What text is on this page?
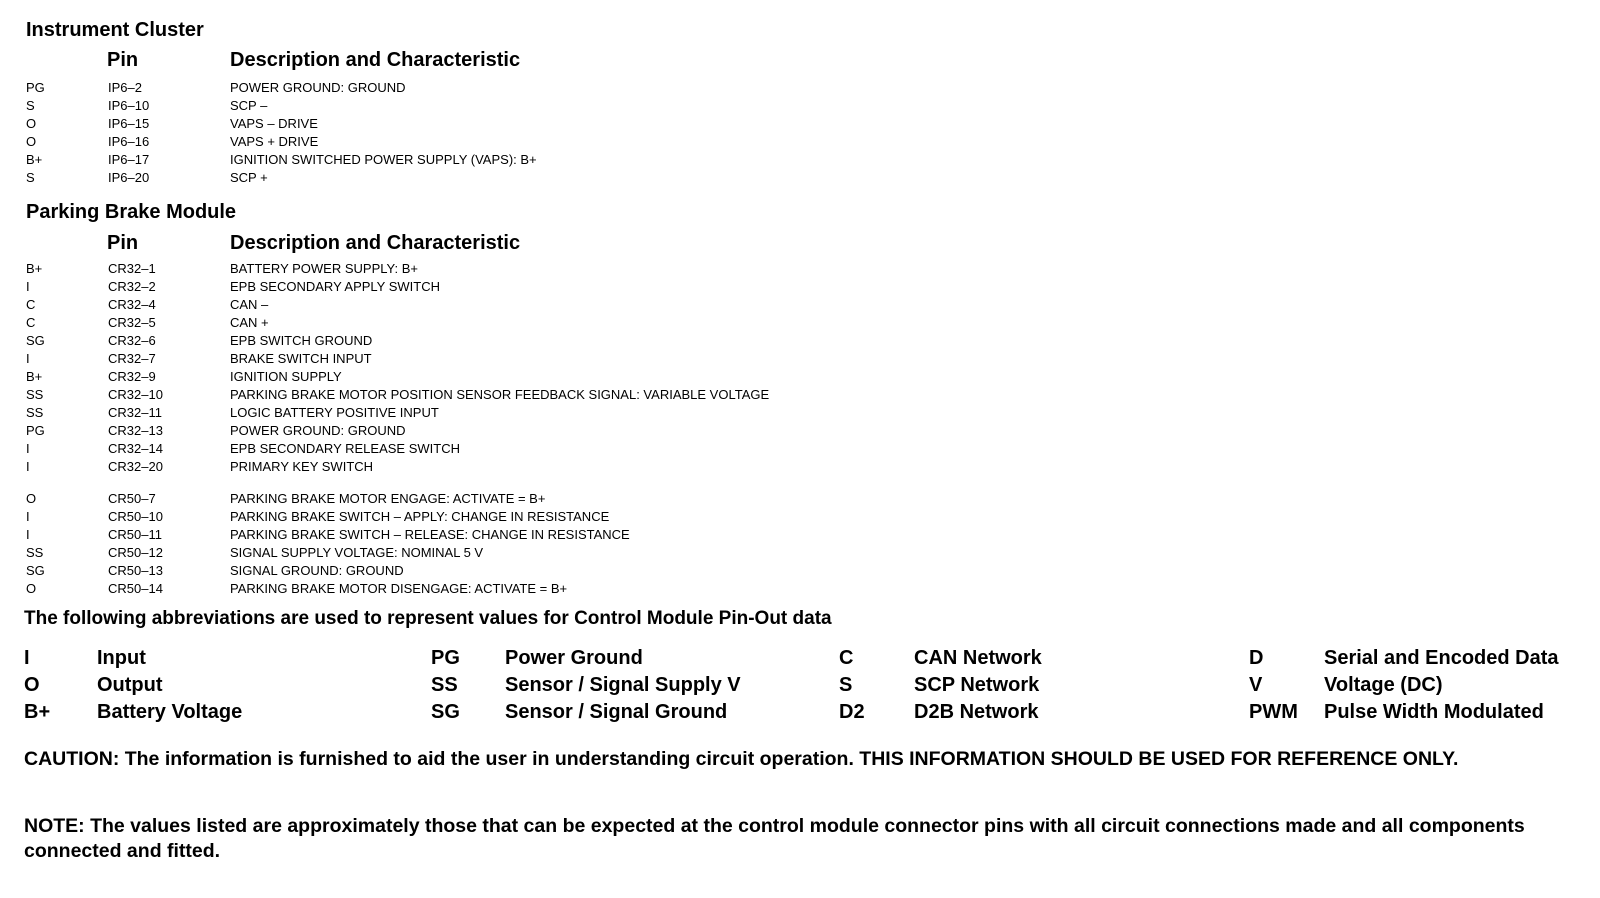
Instrument Cluster
Pin	Description and Characteristic
PG	IP6–2	POWER GROUND: GROUND
S	IP6–10	SCP –
O	IP6–15	VAPS – DRIVE
O	IP6–16	VAPS + DRIVE
B+	IP6–17	IGNITION SWITCHED POWER SUPPLY (VAPS): B+
S	IP6–20	SCP +
Parking Brake Module
Pin	Description and Characteristic
B+	CR32–1	BATTERY POWER SUPPLY: B+
I	CR32–2	EPB SECONDARY APPLY SWITCH
C	CR32–4	CAN –
C	CR32–5	CAN +
SG	CR32–6	EPB SWITCH GROUND
I	CR32–7	BRAKE SWITCH INPUT
B+	CR32–9	IGNITION SUPPLY
SS	CR32–10	PARKING BRAKE MOTOR POSITION SENSOR FEEDBACK SIGNAL: VARIABLE VOLTAGE
SS	CR32–11	LOGIC BATTERY POSITIVE INPUT
PG	CR32–13	POWER GROUND: GROUND
I	CR32–14	EPB SECONDARY RELEASE SWITCH
I	CR32–20	PRIMARY KEY SWITCH
O	CR50–7	PARKING BRAKE MOTOR ENGAGE: ACTIVATE = B+
I	CR50–10	PARKING BRAKE SWITCH – APPLY: CHANGE IN RESISTANCE
I	CR50–11	PARKING BRAKE SWITCH – RELEASE: CHANGE IN RESISTANCE
SS	CR50–12	SIGNAL SUPPLY VOLTAGE: NOMINAL 5 V
SG	CR50–13	SIGNAL GROUND: GROUND
O	CR50–14	PARKING BRAKE MOTOR DISENGAGE: ACTIVATE = B+
The following abbreviations are used to represent values for Control Module Pin-Out data
I	Input	PG Power Ground	C	CAN Network	D	Serial and Encoded Data
O	Output	SS Sensor / Signal Supply V	S	SCP Network	V	Voltage (DC)
B+ Battery Voltage	SG Sensor / Signal Ground	D2 D2B Network	PWM Pulse Width Modulated
CAUTION: The information is furnished to aid the user in understanding circuit operation. THIS INFORMATION SHOULD BE USED FOR REFERENCE ONLY.
NOTE: The values listed are approximately those that can be expected at the control module connector pins with all circuit connections made and all components connected and fitted.
